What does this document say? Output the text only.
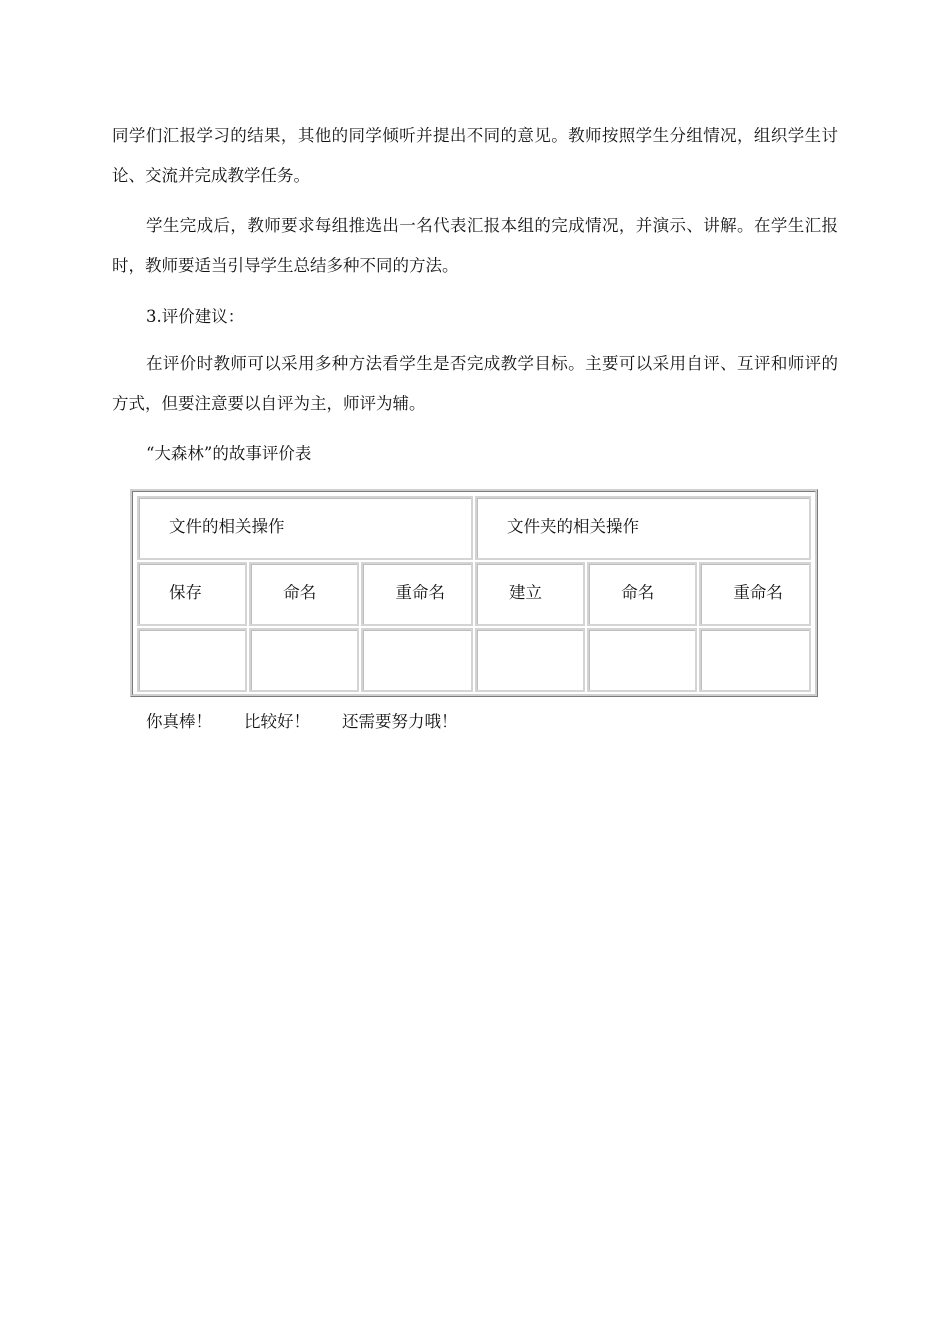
同学们汇报学习的结果，其他的同学倾听并提出不同的意见。教师按照学生分组情况，组织学生讨论、交流并完成教学任务。

学生完成后，教师要求每组推选出一名代表汇报本组的完成情况，并演示、讲解。在学生汇报时，教师要适当引导学生总结多种不同的方法。

3.评价建议：

在评价时教师可以采用多种方法看学生是否完成教学目标。主要可以采用自评、互评和师评的方式，但要注意要以自评为主，师评为辅。

“大森林”的故事评价表

文件的相关操作			文件夹的相关操作		
保存	命名	重命名	建立	命名	重命名

你真棒！ 比较好！ 还需要努力哦！
